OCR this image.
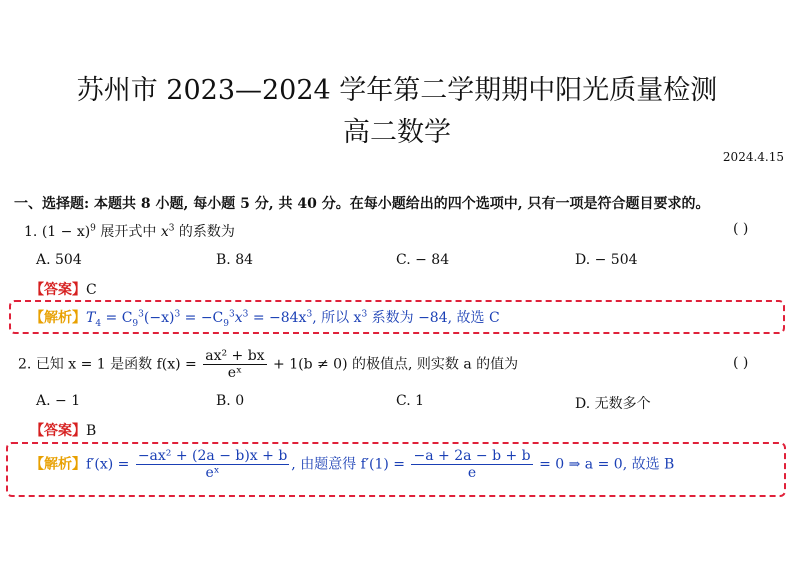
苏州市 2023—2024 学年第二学期期中阳光质量检测
高二数学
2024.4.15
一、选择题: 本题共 8 小题, 每小题 5 分, 共 40 分。在每小题给出的四个选项中, 只有一项是符合题目要求的。
1. $(1 - x)^9$ 展开式中 $x^3$ 的系数为	( )
A. 504	B. 84	C. − 84	D. − 504
【答案】C
【解析】$T_4 = C_9^3(-x)^3 = -C_9^3x^3 = -84x^3$, 所以 $x^3$ 系数为 −84, 故选 C
2. 已知 x = 1 是函数 $f(x) = \frac{\text{ax² + bx}}{\text{eˣ}} + 1(b \ne 0)$ 的极值点, 则实数 a 的值为	( )
A. − 1	B. 0	C. 1	D. 无数多个
【答案】B
【解析】$f'(x) = \frac{\text{−ax² + (2a − b)x + b}}{\text{eˣ}}$ , 由题意得 $f'(1) = \frac{-a + 2a - b + b}{e} = 0$ ⇒ a = 0, 故选 B
